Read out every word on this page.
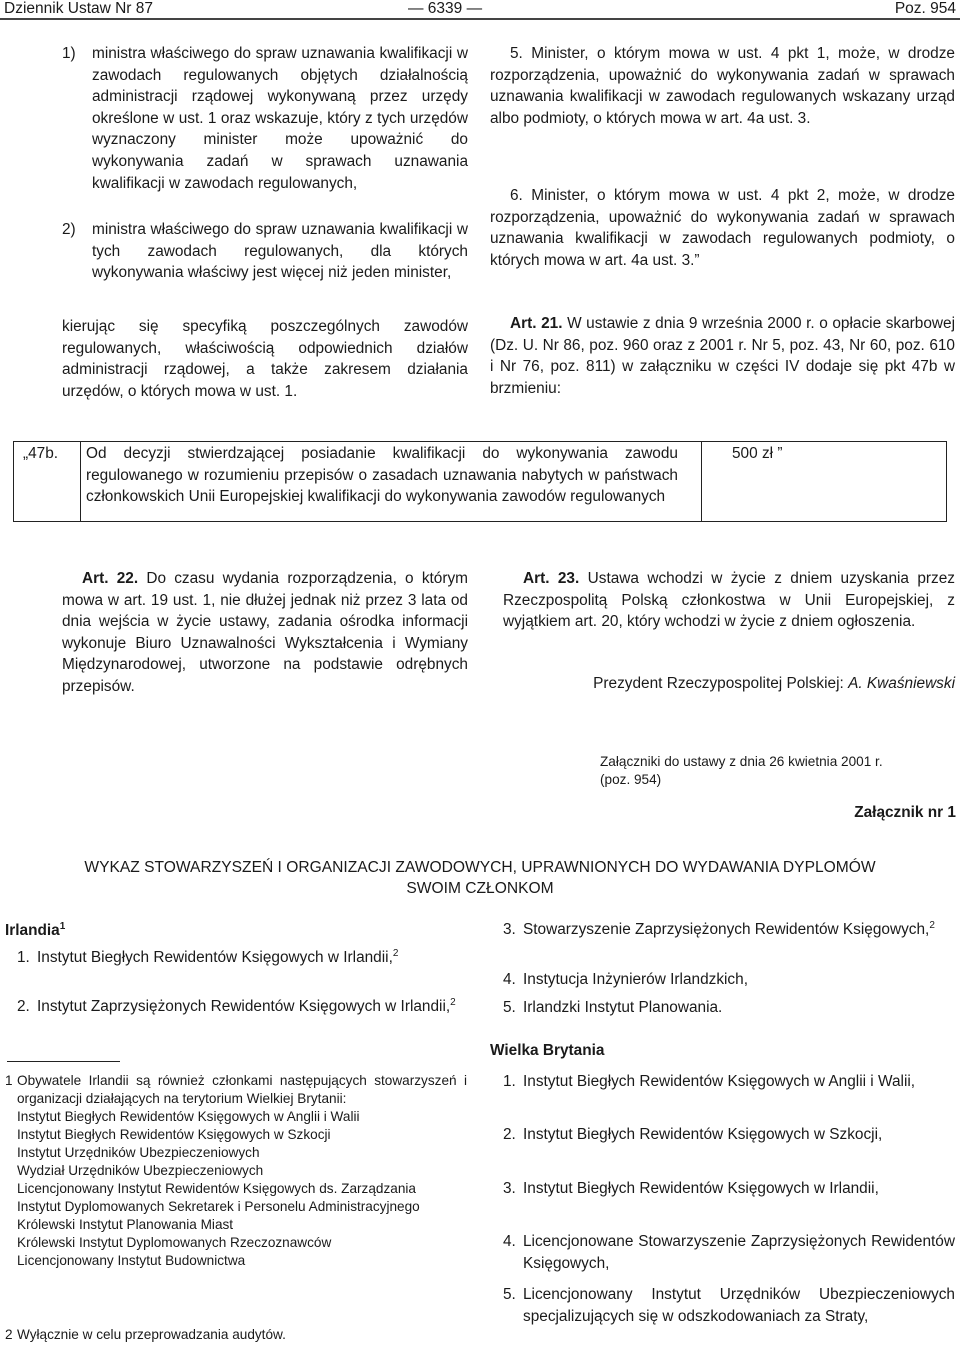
Dziennik Ustaw Nr 87	— 6339 —	Poz. 954
1) ministra właściwego do spraw uznawania kwalifikacji w zawodach regulowanych objętych działalnością administracji rządowej wykonywaną przez urzędy określone w ust. 1 oraz wskazuje, który z tych urzędów wyznaczony minister może upoważnić do wykonywania zadań w sprawach uznawania kwalifikacji w zawodach regulowanych,
2) ministra właściwego do spraw uznawania kwalifikacji w tych zawodach regulowanych, dla których wykonywania właściwy jest więcej niż jeden minister,
kierując się specyfiką poszczególnych zawodów regulowanych, właściwością odpowiednich działów administracji rządowej, a także zakresem działania urzędów, o których mowa w ust. 1.
5. Minister, o którym mowa w ust. 4 pkt 1, może, w drodze rozporządzenia, upoważnić do wykonywania zadań w sprawach uznawania kwalifikacji w zawodach regulowanych wskazany urząd albo podmioty, o których mowa w art. 4a ust. 3.
6. Minister, o którym mowa w ust. 4 pkt 2, może, w drodze rozporządzenia, upoważnić do wykonywania zadań w sprawach uznawania kwalifikacji w zawodach regulowanych podmioty, o których mowa w art. 4a ust. 3.”
Art. 21. W ustawie z dnia 9 września 2000 r. o opłacie skarbowej (Dz. U. Nr 86, poz. 960 oraz z 2001 r. Nr 5, poz. 43, Nr 60, poz. 610 i Nr 76, poz. 811) w załączniku w części IV dodaje się pkt 47b w brzmieniu:
„47b. Od decyzji stwierdzającej posiadanie kwalifikacji do wykonywania zawodu regulowanego w rozumieniu przepisów o zasadach uznawania nabytych w państwach członkowskich Unii Europejskiej kwalifikacji do wykonywania zawodów regulowanych
500 zł ”
Art. 22. Do czasu wydania rozporządzenia, o którym mowa w art. 19 ust. 1, nie dłużej jednak niż przez 3 lata od dnia wejścia w życie ustawy, zadania ośrodka informacji wykonuje Biuro Uznawalności Wykształcenia i Wymiany Międzynarodowej, utworzone na podstawie odrębnych przepisów.
Art. 23. Ustawa wchodzi w życie z dniem uzyskania przez Rzeczpospolitą Polską członkostwa w Unii Europejskiej, z wyjątkiem art. 20, który wchodzi w życie z dniem ogłoszenia.
Prezydent Rzeczypospolitej Polskiej: A. Kwaśniewski
Załączniki do ustawy z dnia 26 kwietnia 2001 r.
(poz. 954)
Załącznik nr 1
WYKAZ STOWARZYSZEŃ I ORGANIZACJI ZAWODOWYCH, UPRAWNIONYCH DO WYDAWANIA DYPLOMÓW
SWOIM CZŁONKOM
Irlandia$^1$
1. Instytut Biegłych Rewidentów Księgowych w Irlandii,$^2$
2. Instytut Zaprzysiężonych Rewidentów Księgowych w Irlandii,$^2$
3. Stowarzyszenie Zaprzysiężonych Rewidentów Księgowych,$^2$
4. Instytucja Inżynierów Irlandzkich,
5. Irlandzki Instytut Planowania.
Wielka Brytania
1. Instytut Biegłych Rewidentów Księgowych w Anglii i Walii,
2. Instytut Biegłych Rewidentów Księgowych w Szkocji,
3. Instytut Biegłych Rewidentów Księgowych w Irlandii,
4. Licencjonowane Stowarzyszenie Zaprzysiężonych Rewidentów Księgowych,
5. Licencjonowany Instytut Urzędników Ubezpieczeniowych specjalizujących się w odszkodowaniach za Straty,
1 Obywatele Irlandii są również członkami następujących stowarzyszeń i organizacji działających na terytorium Wielkiej Brytanii:
Instytut Biegłych Rewidentów Księgowych w Anglii i Walii
Instytut Biegłych Rewidentów Księgowych w Szkocji
Instytut Urzędników Ubezpieczeniowych
Wydział Urzędników Ubezpieczeniowych
Licencjonowany Instytut Rewidentów Księgowych ds. Zarządzania
Instytut Dyplomowanych Sekretarek i Personelu Administracyjnego
Królewski Instytut Planowania Miast
Królewski Instytut Dyplomowanych Rzeczoznawców
Licencjonowany Instytut Budownictwa
2 Wyłącznie w celu przeprowadzania audytów.
